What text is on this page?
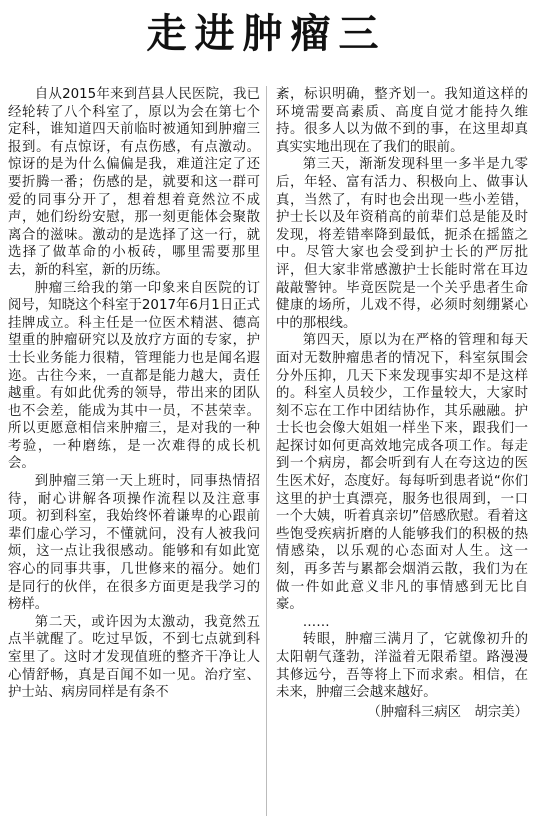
走进肿瘤三

自从2015年来到莒县人民医院，我已经轮转了八个科室了，原以为会在第七个定科，谁知道四天前临时被通知到肿瘤三报到。有点惊讶，有点伤感，有点激动。惊讶的是为什么偏偏是我，难道注定了还要折腾一番；伤感的是，就要和这一群可爱的同事分开了，想着想着竟然泣不成声，她们纷纷安慰，那一刻更能体会聚散离合的滋味。激动的是选择了这一行，就选择了做革命的小板砖，哪里需要那里去，新的科室，新的历练。

肿瘤三给我的第一印象来自医院的订阅号，知晓这个科室于2017年6月1日正式挂牌成立。科主任是一位医术精湛、德高望重的肿瘤研究以及放疗方面的专家，护士长业务能力很精，管理能力也是闻名遐迩。古往今来，一直都是能力越大，责任越重。有如此优秀的领导，带出来的团队也不会差，能成为其中一员，不甚荣幸。所以更愿意相信来肿瘤三，是对我的一种考验，一种磨练，是一次难得的成长机会。

到肿瘤三第一天上班时，同事热情招待，耐心讲解各项操作流程以及注意事项。初到科室，我始终怀着谦卑的心跟前辈们虚心学习，不懂就问，没有人被我问烦，这一点让我很感动。能够和有如此宽容心的同事共事，几世修来的福分。她们是同行的伙伴，在很多方面更是我学习的榜样。

第二天，或许因为太激动，我竟然五点半就醒了。吃过早饭，不到七点就到科室里了。这时才发现值班的整齐干净让人心情舒畅，真是百闻不如一见。治疗室、护士站、病房同样是有条不

紊，标识明确，整齐划一。我知道这样的环境需要高素质、高度自觉才能持久维持。很多人以为做不到的事，在这里却真真实实地出现在了我们的眼前。

第三天，渐渐发现科里一多半是九零后，年轻、富有活力、积极向上、做事认真，当然了，有时也会出现一些小差错，护士长以及年资稍高的前辈们总是能及时发现，将差错率降到最低，扼杀在摇篮之中。尽管大家也会受到护士长的严厉批评，但大家非常感激护士长能时常在耳边敲敲警钟。毕竟医院是一个关乎患者生命健康的场所，儿戏不得，必须时刻绷紧心中的那根线。

第四天，原以为在严格的管理和每天面对无数肿瘤患者的情况下，科室氛围会分外压抑，几天下来发现事实却不是这样的。科室人员较少，工作量较大，大家时刻不忘在工作中团结协作，其乐融融。护士长也会像大姐姐一样坐下来，跟我们一起探讨如何更高效地完成各项工作。每走到一个病房，都会听到有人在夸这边的医生医术好，态度好。每每听到患者说“你们这里的护士真漂亮，服务也很周到，一口一个大姨，听着真亲切”倍感欣慰。看着这些饱受疾病折磨的人能够我们的积极的热情感染，以乐观的心态面对人生。这一刻，再多苦与累都会烟消云散，我们为在做一件如此意义非凡的事情感到无比自豪。

……

转眼，肿瘤三满月了，它就像初升的太阳朝气蓬勃，洋溢着无限希望。路漫漫其修远兮，吾等将上下而求索。相信，在未来，肿瘤三会越来越好。

（肿瘤科三病区　胡宗美）
